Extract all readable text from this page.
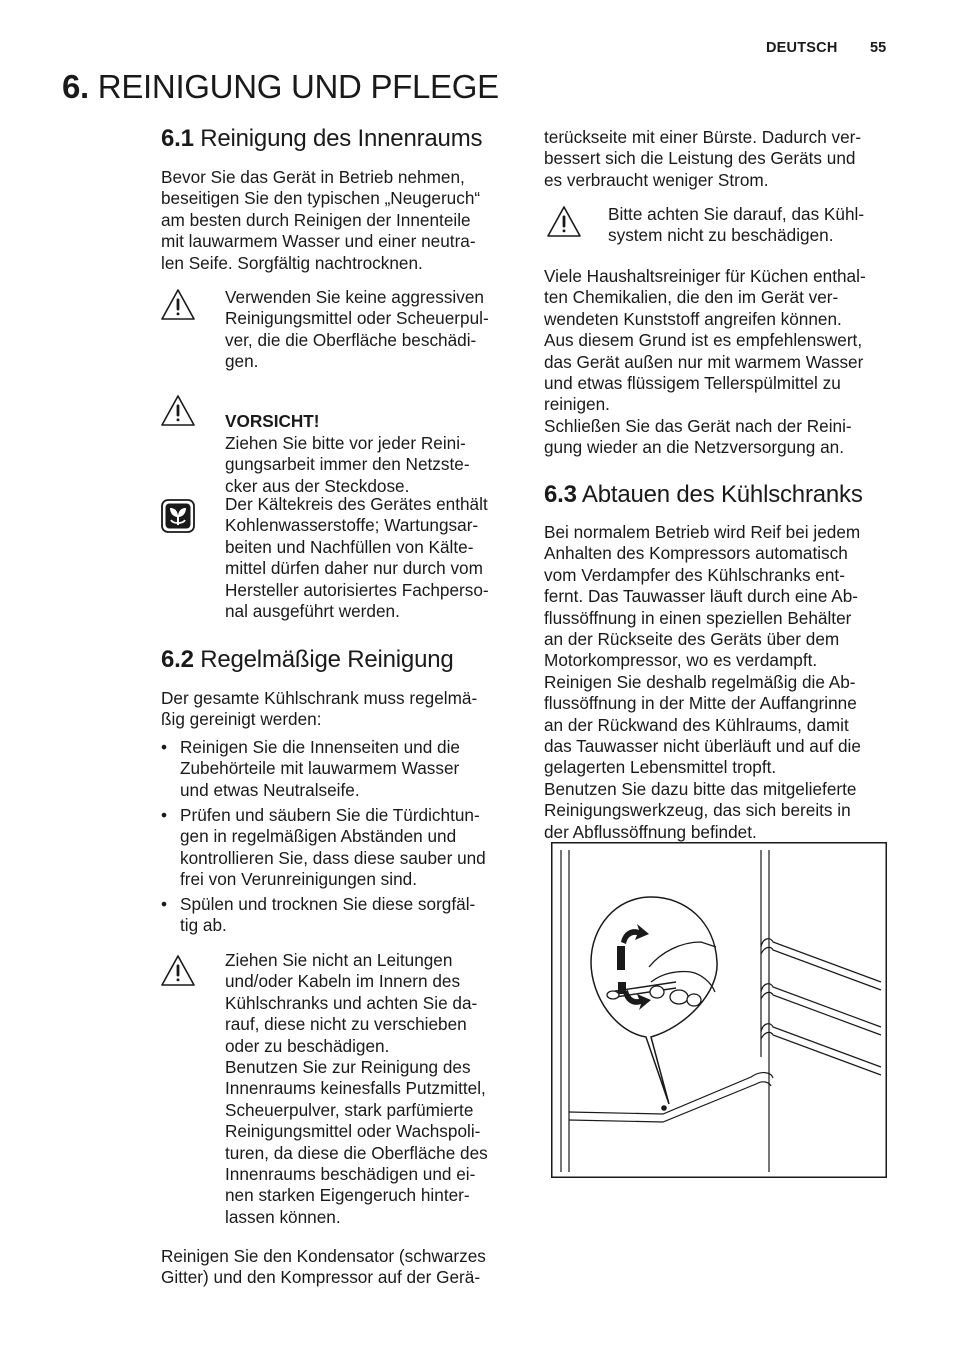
DEUTSCH 55
6. REINIGUNG UND PFLEGE
6.1 Reinigung des Innenraums

Bevor Sie das Gerät in Betrieb nehmen,
beseitigen Sie den typischen „Neugeruch“
am besten durch Reinigen der Innenteile
mit lauwarmem Wasser und einer neutra-
len Seife. Sorgfältig nachtrocknen.

Verwenden Sie keine aggressiven
Reinigungsmittel oder Scheuerpul-
ver, die die Oberfläche beschädi-
gen.

VORSICHT!

Ziehen Sie bitte vor jeder Reini-
gungsarbeit immer den Netzste-
cker aus der Steckdose.

Der Kältekreis des Gerätes enthält
Kohlenwasserstoffe; Wartungsar-
beiten und Nachfüllen von Kälte-
mittel dürfen daher nur durch vom
Hersteller autorisiertes Fachperso-
nal ausgeführt werden.
6.2 Regelmäßige Reinigung

Der gesamte Kühlschrank muss regelmä-
ßig gereinigt werden:

• Reinigen Sie die Innenseiten und die
Zubehörteile mit lauwarmem Wasser
und etwas Neutralseife.
• Prüfen und säubern Sie die Türdichtun-
gen in regelmäßigen Abständen und
kontrollieren Sie, dass diese sauber und
frei von Verunreinigungen sind.
• Spülen und trocknen Sie diese sorgfäl-
tig ab.
Ziehen Sie nicht an Leitungen
und/oder Kabeln im Innern des
Kühlschranks und achten Sie da-
rauf, diese nicht zu verschieben
oder zu beschädigen.
Benutzen Sie zur Reinigung des
Innenraums keinesfalls Putzmittel,
Scheuerpulver, stark parfümierte
Reinigungsmittel oder Wachspoli-
turen, da diese die Oberfläche des
Innenraums beschädigen und ei-
nen starken Eigengeruch hinter-
lassen können.

Reinigen Sie den Kondensator (schwarzes
Gitter) und den Kompressor auf der Gerä-

terückseite mit einer Bürste. Dadurch ver-
bessert sich die Leistung des Geräts und
es verbraucht weniger Strom.

Bitte achten Sie darauf, das Kühl-
system nicht zu beschädigen.

Viele Haushaltsreiniger für Küchen enthal-
ten Chemikalien, die den im Gerät ver-
wendeten Kunststoff angreifen können.
Aus diesem Grund ist es empfehlenswert,
das Gerät außen nur mit warmem Wasser
und etwas flüssigem Tellerspülmittel zu
reinigen.
Schließen Sie das Gerät nach der Reini-
gung wieder an die Netzversorgung an.

6.3 Abtauen des Kühlschranks

Bei normalem Betrieb wird Reif bei jedem
Anhalten des Kompressors automatisch
vom Verdampfer des Kühlschranks ent-
fernt. Das Tauwasser läuft durch eine Ab-
flussöffnung in einen speziellen Behälter
an der Rückseite des Geräts über dem
Motorkompressor, wo es verdampft.
Reinigen Sie deshalb regelmäßig die Ab-
flussöffnung in der Mitte der Auffangrinne
an der Rückwand des Kühlraums, damit
das Tauwasser nicht überläuft und auf die
gelagerten Lebensmittel tropft.
Benutzen Sie dazu bitte das mitgelieferte
Reinigungswerkzeug, das sich bereits in
der Abflussöffnung befindet.
